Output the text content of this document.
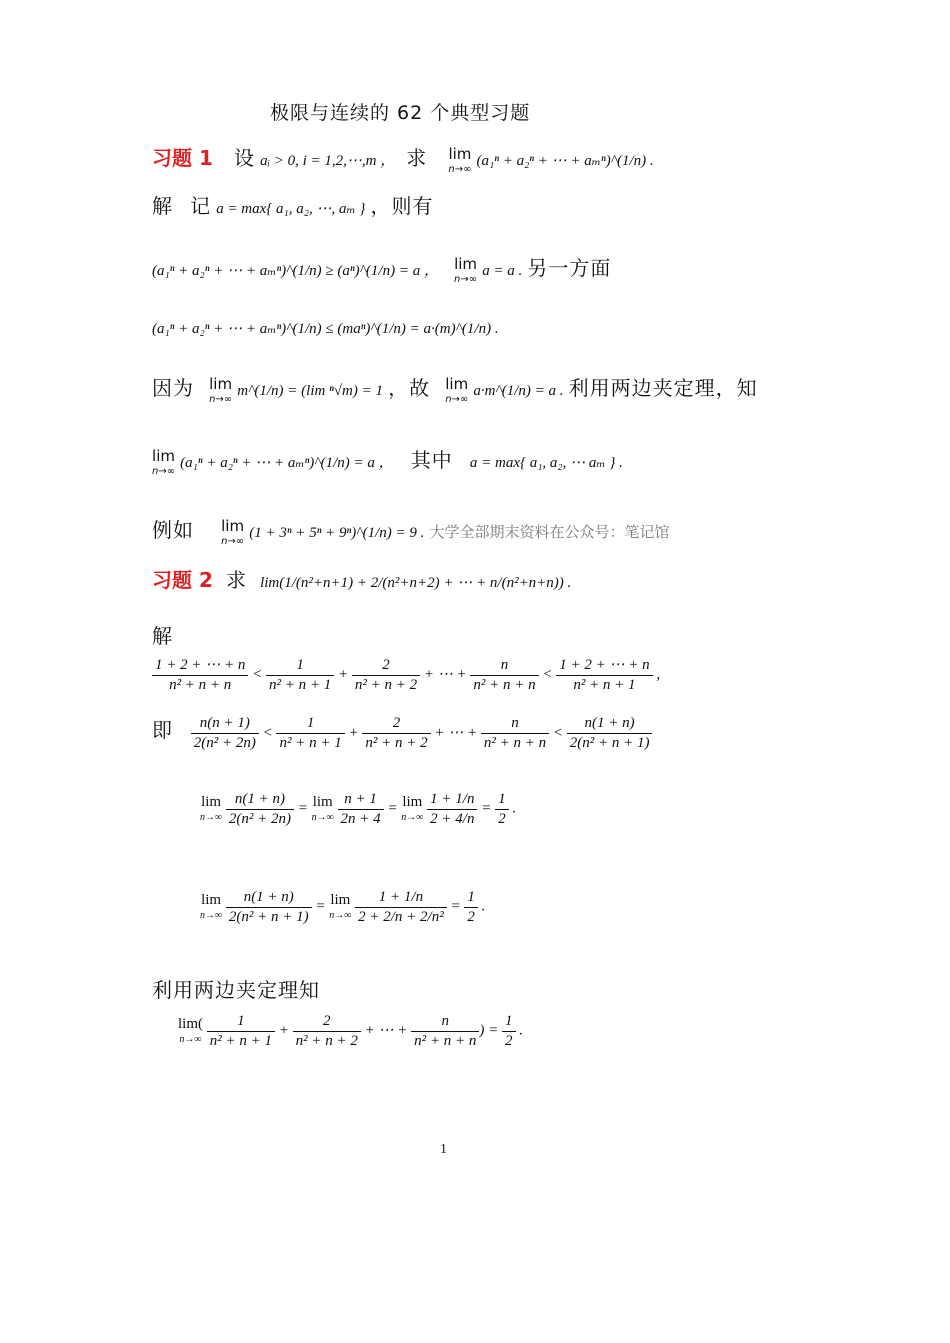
极限与连续的 62 个典型习题
习题 1 设 aᵢ > 0, i = 1,2,⋯,m ， 求 lim
n→∞ (a₁ⁿ + a₂ⁿ + ⋯ + aₘⁿ)^(1/n) .
解 记 a = max{ a₁, a₂, ⋯, aₘ } ，则有
(a₁ⁿ + a₂ⁿ + ⋯ + aₘⁿ)^(1/n) ≥ (aⁿ)^(1/n) = a ， lim
n→∞ a = a . 另一方面
(a₁ⁿ + a₂ⁿ + ⋯ + aₘⁿ)^(1/n) ≤ (maⁿ)^(1/n) = a·(m)^(1/n) .
因为 lim
n→∞ m^(1/n) = (lim ⁿ√m) = 1 ，故 lim
n→∞ a·m^(1/n) = a . 利用两边夹定理，知
lim
n→∞ (a₁ⁿ + a₂ⁿ + ⋯ + aₘⁿ)^(1/n) = a ， 其中 a = max{ a₁, a₂, ⋯ aₘ } .
例如 lim
n→∞ (1 + 3ⁿ + 5ⁿ + 9ⁿ)^(1/n) = 9 . 大学全部期末资料在公众号：笔记馆
习题 2 求 lim(1/(n²+n+1) + 2/(n²+n+2) + ⋯ + n/(n²+n+n)) .
解
$\frac{1 + 2 + \cdots + n}{\text{n² + n + n}} < \frac{1}{\text{n² + n + 1}} + \frac{2}{\text{n² + n + 2}}$ + ⋯ + $\frac{n}{\text{n² + n + n}} < \frac{1 + 2 + \cdots + n}{\text{n² + n + 1}}$ ,
即 $\frac{n(n + 1)}{\text{2(n² + 2n)}} < \frac{1}{\text{n² + n + 1}} + \frac{2}{\text{n² + n + 2}}$ + ⋯ + $\frac{n}{\text{n² + n + n}} < \frac{n(1 + n)}{\text{2(n² + n + 1)}}$
lim
n→∞
$\frac{n(1 + n)}{\text{2(n² + 2n)}} = \lim$
n→∞
$\frac{n + 1}{2n + 4} = \lim$
n→∞
$\frac{1 + 1/n}{2 + 4/n} = \frac{1}{2}$ .
lim
n→∞
$\frac{n(1 + n)}{\text{2(n² + n + 1)}} = \lim$
n→∞
$\frac{1 + 1/n}{\text{2 + 2/n + 2/n²}} = \frac{1}{2}$ .
利用两边夹定理知
lim(
n→∞
$\frac{1}{\text{n² + n + 1}} + \frac{2}{\text{n² + n + 2}}$ + ⋯ + $\frac{n}{\text{n² + n + n}}$ ) = $\frac{1}{2}$ .
1
